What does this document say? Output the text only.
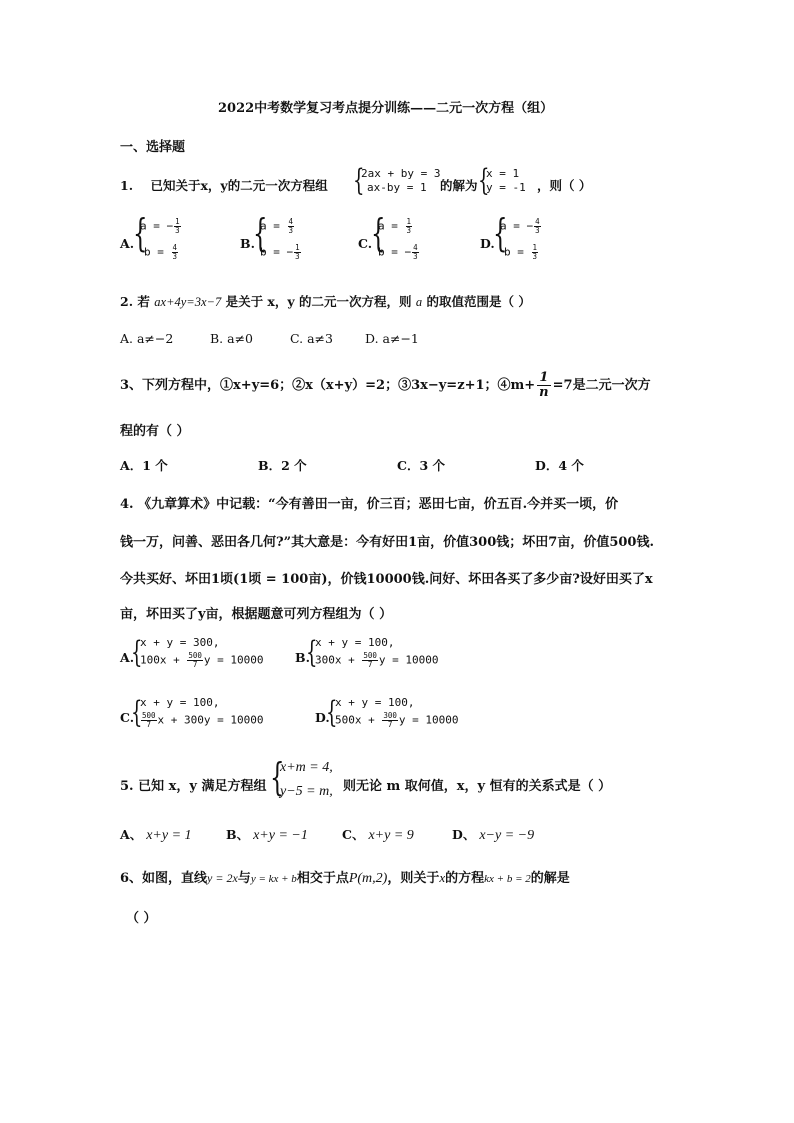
2022中考数学复习考点提分训练——二元一次方程（组）
一、选择题
1. 已知关于x，y的二元一次方程组 {
2ax + by = 3
ax-by = 1 的解为 {
x = 1
y = -1 ，则（ ）
A.
{
a = − $\frac{1}{3}$
$b = \frac{4}{3}$
B.
{
$a = \frac{4}{3}$
b = − $\frac{1}{3}$
C.
{
$a = \frac{1}{3}$
b = − $\frac{4}{3}$
D.
{
a = − $\frac{4}{3}$
$b = \frac{1}{3}$
2. 若 ax+4y=3x−7 是关于 x，y 的二元一次方程，则 a 的取值范围是（ ）
A. a≠−2	B. a≠0	C. a≠3	D. a≠−1
3、下列方程中，①x+y=6；②x（x+y）=2；③3x−y=z+1；④m+ $\frac{1}{n} =7$是二元一次方
程的有（ ）
A．1 个	B．2 个	C．3 个	D．4 个
4. 《九章算术》中记载：“今有善田一亩，价三百；恶田七亩，价五百.今并买一顷，价
钱一万，问善、恶田各几何?”其大意是：今有好田1亩，价值300钱；坏田7亩，价值500钱.
今共买好、坏田1顷(1顷 = 100亩)，价钱10000钱.问好、坏田各买了多少亩?设好田买了x
亩，坏田买了y亩，根据题意可列方程组为（ ）
A.
{
x + y = 300,
$100x + \frac{500}{7}$ y = 10000	B.
{
x + y = 100,
$300x + \frac{500}{7}$ y = 10000
C.
{
x + y = 100,
$\frac{500}{7}$ x + 300y = 10000	D.
{
x + y = 100,
$500x + \frac{300}{7}$ y = 10000
5. 已知 x，y 满足方程组 {
x+m = 4,
y−5 = m, 则无论 m 取何值，x，y 恒有的关系式是（ ）
A、 x+y = 1	B、 x+y = −1	C、 x+y = 9	D、 x−y = −9
6、如图，直线y = 2x与y = kx + b相交于点P(m,2)，则关于x的方程kx + b = 2的解是
（ ）
